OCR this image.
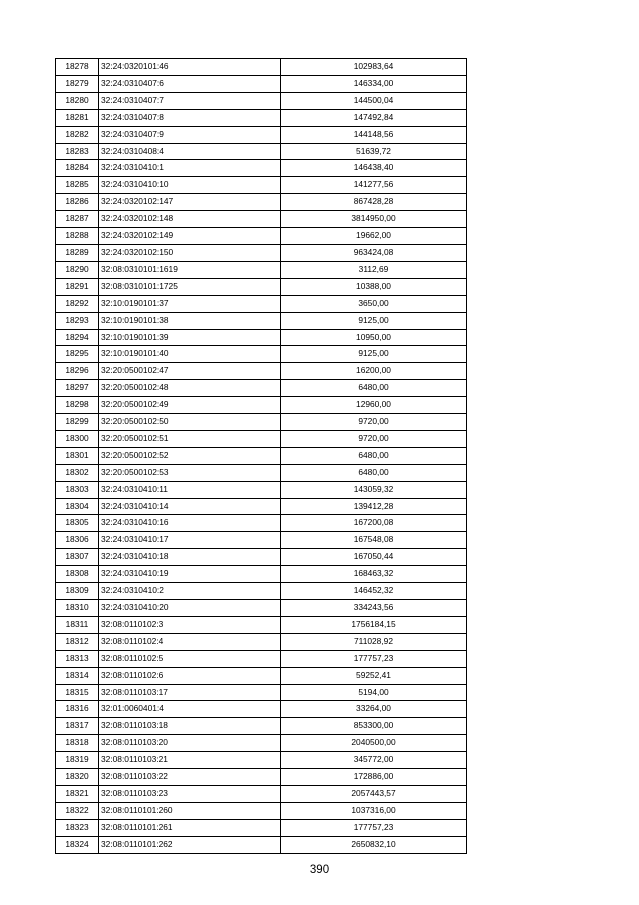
18278	32:24:0320101:46	102983,64
18279	32:24:0310407:6	146334,00
18280	32:24:0310407:7	144500,04
18281	32:24:0310407:8	147492,84
18282	32:24:0310407:9	144148,56
18283	32:24:0310408:4	51639,72
18284	32:24:0310410:1	146438,40
18285	32:24:0310410:10	141277,56
18286	32:24:0320102:147	867428,28
18287	32:24:0320102:148	3814950,00
18288	32:24:0320102:149	19662,00
18289	32:24:0320102:150	963424,08
18290	32:08:0310101:1619	3112,69
18291	32:08:0310101:1725	10388,00
18292	32:10:0190101:37	3650,00
18293	32:10:0190101:38	9125,00
18294	32:10:0190101:39	10950,00
18295	32:10:0190101:40	9125,00
18296	32:20:0500102:47	16200,00
18297	32:20:0500102:48	6480,00
18298	32:20:0500102:49	12960,00
18299	32:20:0500102:50	9720,00
18300	32:20:0500102:51	9720,00
18301	32:20:0500102:52	6480,00
18302	32:20:0500102:53	6480,00
18303	32:24:0310410:11	143059,32
18304	32:24:0310410:14	139412,28
18305	32:24:0310410:16	167200,08
18306	32:24:0310410:17	167548,08
18307	32:24:0310410:18	167050,44
18308	32:24:0310410:19	168463,32
18309	32:24:0310410:2	146452,32
18310	32:24:0310410:20	334243,56
18311	32:08:0110102:3	1756184,15
18312	32:08:0110102:4	711028,92
18313	32:08:0110102:5	177757,23
18314	32:08:0110102:6	59252,41
18315	32:08:0110103:17	5194,00
18316	32:01:0060401:4	33264,00
18317	32:08:0110103:18	853300,00
18318	32:08:0110103:20	2040500,00
18319	32:08:0110103:21	345772,00
18320	32:08:0110103:22	172886,00
18321	32:08:0110103:23	2057443,57
18322	32:08:0110101:260	1037316,00
18323	32:08:0110101:261	177757,23
18324	32:08:0110101:262	2650832,10
390
